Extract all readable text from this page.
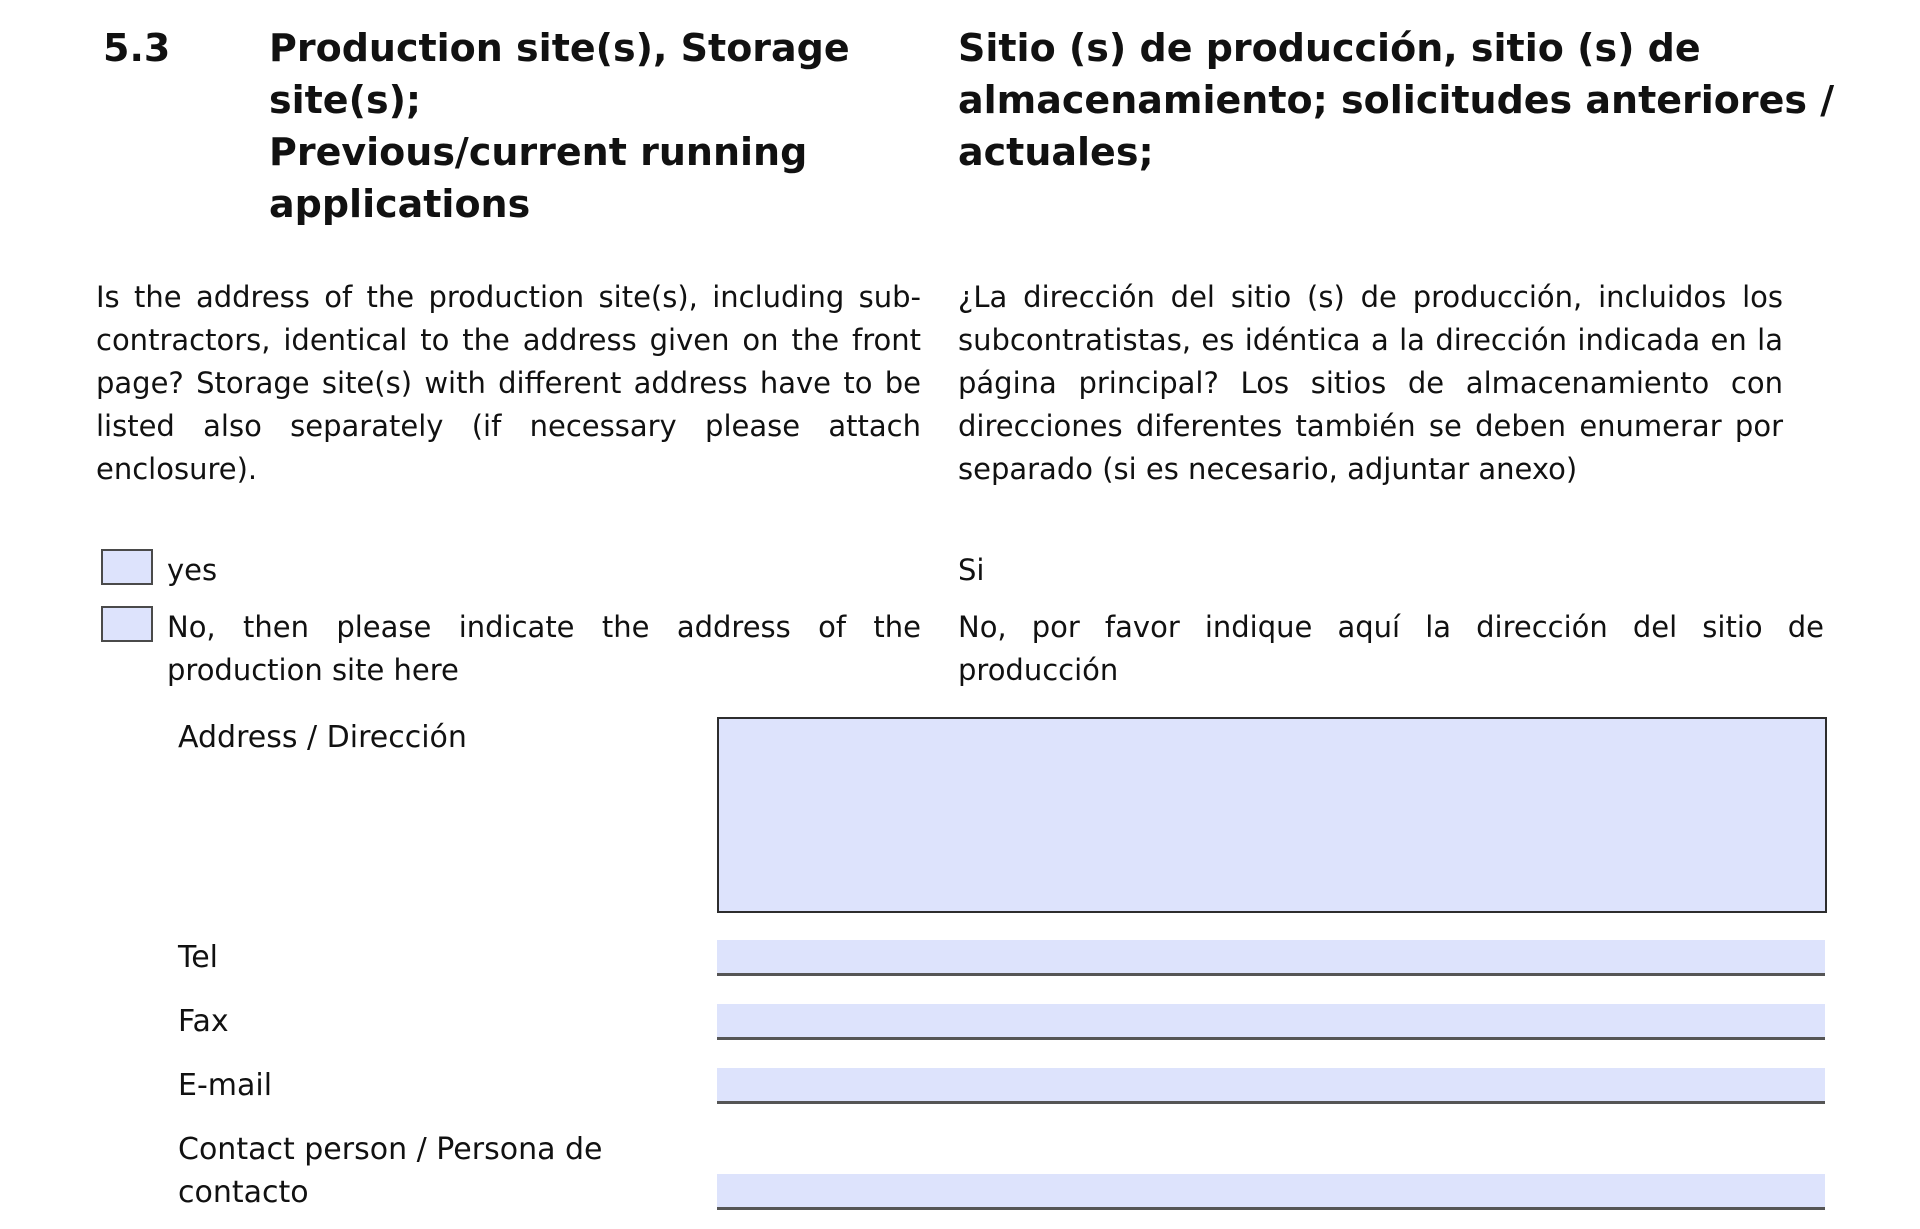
5.3	Production site(s), Storage
site(s);
Previous/current running
applications
Sitio (s) de producción, sitio (s) de
almacenamiento; solicitudes anteriores /
actuales;
Is the address of the production site(s), including sub-contractors, identical to the address given on the front page? Storage site(s) with different address have to be listed also separately (if necessary please attach enclosure).
¿La dirección del sitio (s) de producción, incluidos los subcontratistas, es idéntica a la dirección indicada en la página principal? Los sitios de almacenamiento con direcciones diferentes también se deben enumerar por separado (si es necesario, adjuntar anexo)
yes	Si
No, then please indicate the address of the production site here
No, por favor indique aquí la dirección del sitio de producción
Address / Dirección
Tel
Fax
E-mail
Contact person / Persona de contacto
